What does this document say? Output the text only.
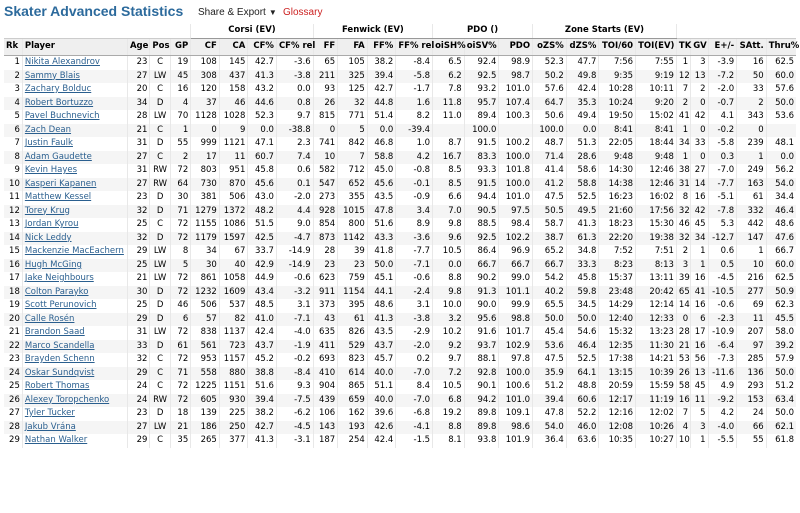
Skater Advanced Statistics Share & Export ▼ Glossary
					Corsi (EV)				Fenwick (EV)				PDO ()			Zone Starts (EV)								
Rk	Player	Age	Pos	GP	CF	CA	CF%	CF% rel	FF	FA	FF%	FF% rel	oiSH%	oiSV%	PDO	oZS%	dZS%	TOI/60	TOI(EV)	TK	GV	E+/-	SAtt.	Thru%
1	Nikita Alexandrov	23	C	19	108	145	42.7	-3.6	65	105	38.2	-8.4	6.5	92.4	98.9	52.3	47.7	7:56	7:55	1	3	-3.9	16	62.5
2	Sammy Blais	27	LW	45	308	437	41.3	-3.8	211	325	39.4	-5.8	6.2	92.5	98.7	50.2	49.8	9:35	9:19	12	13	-7.2	50	60.0
3	Zachary Bolduc	20	C	16	120	158	43.2	0.0	93	125	42.7	-1.7	7.8	93.2	101.0	57.6	42.4	10:28	10:11	7	2	-2.0	33	57.6
4	Robert Bortuzzo	34	D	4	37	46	44.6	0.8	26	32	44.8	1.6	11.8	95.7	107.4	64.7	35.3	10:24	9:20	2	0	-0.7	2	50.0
5	Pavel Buchnevich	28	LW	70	1128	1028	52.3	9.7	815	771	51.4	8.2	11.0	89.4	100.3	50.6	49.4	19:50	15:02	41	42	4.1	343	53.6
6	Zach Dean	21	C	1	0	9	0.0	-38.8	0	5	0.0	-39.4		100.0		100.0	0.0	8:41	8:41	1	0	-0.2	0	
7	Justin Faulk	31	D	55	999	1121	47.1	2.3	741	842	46.8	1.0	8.7	91.5	100.2	48.7	51.3	22:05	18:44	34	33	-5.8	239	48.1
8	Adam Gaudette	27	C	2	17	11	60.7	7.4	10	7	58.8	4.2	16.7	83.3	100.0	71.4	28.6	9:48	9:48	1	0	0.3	1	0.0
9	Kevin Hayes	31	RW	72	803	951	45.8	0.6	582	712	45.0	-0.8	8.5	93.3	101.8	41.4	58.6	14:30	12:46	38	27	-7.0	249	56.2
10	Kasperi Kapanen	27	RW	64	730	870	45.6	0.1	547	652	45.6	-0.1	8.5	91.5	100.0	41.2	58.8	14:38	12:46	31	14	-7.7	163	54.0
11	Matthew Kessel	23	D	30	381	506	43.0	-2.0	273	355	43.5	-0.9	6.6	94.4	101.0	47.5	52.5	16:23	16:02	8	16	-5.1	61	34.4
12	Torey Krug	32	D	71	1279	1372	48.2	4.4	928	1015	47.8	3.4	7.0	90.5	97.5	50.5	49.5	21:60	17:56	32	42	-7.8	332	46.4
13	Jordan Kyrou	25	C	72	1155	1086	51.5	9.0	854	800	51.6	8.9	9.8	88.5	98.4	58.7	41.3	18:23	15:30	46	45	5.3	442	48.6
14	Nick Leddy	32	D	72	1179	1597	42.5	-4.7	873	1142	43.3	-3.6	9.6	92.5	102.2	38.7	61.3	22:20	19:38	32	34	-12.7	147	47.6
15	Mackenzie MacEachern	29	LW	8	34	67	33.7	-14.9	28	39	41.8	-7.7	10.5	86.4	96.9	65.2	34.8	7:52	7:51	2	1	0.6	1	66.7
16	Hugh McGing	25	LW	5	30	40	42.9	-14.9	23	23	50.0	-7.1	0.0	66.7	66.7	66.7	33.3	8:23	8:13	3	1	0.5	10	60.0
17	Jake Neighbours	21	LW	72	861	1058	44.9	-0.6	623	759	45.1	-0.6	8.8	90.2	99.0	54.2	45.8	15:37	13:11	39	16	-4.5	216	62.5
18	Colton Parayko	30	D	72	1232	1609	43.4	-3.2	911	1154	44.1	-2.4	9.8	91.3	101.1	40.2	59.8	23:48	20:42	65	41	-10.5	277	50.9
19	Scott Perunovich	25	D	46	506	537	48.5	3.1	373	395	48.6	3.1	10.0	90.0	99.9	65.5	34.5	14:29	12:14	14	16	-0.6	69	62.3
20	Calle Rosén	29	D	6	57	82	41.0	-7.1	43	61	41.3	-3.8	3.2	95.6	98.8	50.0	50.0	12:40	12:33	0	6	-2.3	11	45.5
21	Brandon Saad	31	LW	72	838	1137	42.4	-4.0	635	826	43.5	-2.9	10.2	91.6	101.7	45.4	54.6	15:32	13:23	28	17	-10.9	207	58.0
22	Marco Scandella	33	D	61	561	723	43.7	-1.9	411	529	43.7	-2.0	9.2	93.7	102.9	53.6	46.4	12:35	11:30	21	16	-6.4	97	39.2
23	Brayden Schenn	32	C	72	953	1157	45.2	-0.2	693	823	45.7	0.2	9.7	88.1	97.8	47.5	52.5	17:38	14:21	53	56	-7.3	285	57.9
24	Oskar Sundqvist	29	C	71	558	880	38.8	-8.4	410	614	40.0	-7.0	7.2	92.8	100.0	35.9	64.1	13:15	10:39	26	13	-11.6	136	50.0
25	Robert Thomas	24	C	72	1225	1151	51.6	9.3	904	865	51.1	8.4	10.5	90.1	100.6	51.2	48.8	20:59	15:59	58	45	4.9	293	51.2
26	Alexey Toropchenko	24	RW	72	605	930	39.4	-7.5	439	659	40.0	-7.0	6.8	94.2	101.0	39.4	60.6	12:17	11:19	16	11	-9.2	153	63.4
27	Tyler Tucker	23	D	18	139	225	38.2	-6.2	106	162	39.6	-6.8	19.2	89.8	109.1	47.8	52.2	12:16	12:02	7	5	4.2	24	50.0
28	Jakub Vrána	27	LW	21	186	250	42.7	-4.5	143	193	42.6	-4.1	8.8	89.8	98.6	54.0	46.0	12:08	10:26	4	3	-4.0	66	62.1
29	Nathan Walker	29	C	35	265	377	41.3	-3.1	187	254	42.4	-1.5	8.1	93.8	101.9	36.4	63.6	10:35	10:27	10	1	-5.5	55	61.8
